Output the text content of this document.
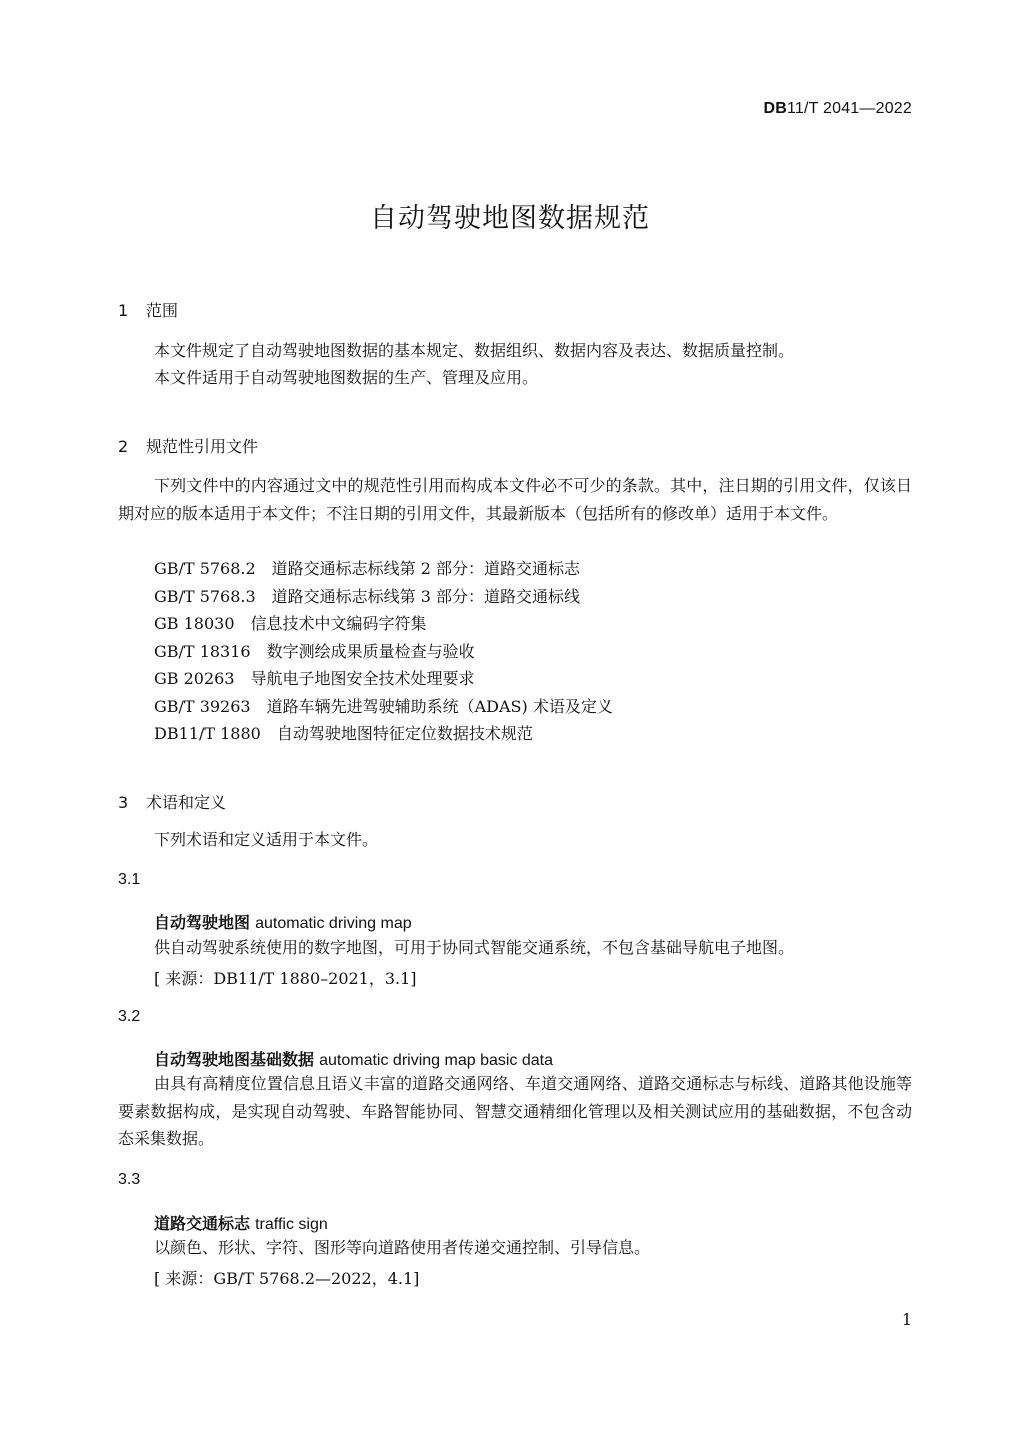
DB11/T 2041—2022
自动驾驶地图数据规范
1 范围
本文件规定了自动驾驶地图数据的基本规定、数据组织、数据内容及表达、数据质量控制。
本文件适用于自动驾驶地图数据的生产、管理及应用。
2 规范性引用文件
下列文件中的内容通过文中的规范性引用而构成本文件必不可少的条款。其中，注日期的引用文件，仅该日期对应的版本适用于本文件；不注日期的引用文件，其最新版本（包括所有的修改单）适用于本文件。
GB/T 5768.2 道路交通标志标线第 2 部分：道路交通标志
GB/T 5768.3 道路交通标志标线第 3 部分：道路交通标线
GB 18030 信息技术中文编码字符集
GB/T 18316 数字测绘成果质量检查与验收
GB 20263 导航电子地图安全技术处理要求
GB/T 39263 道路车辆先进驾驶辅助系统（ADAS) 术语及定义
DB11/T 1880 自动驾驶地图特征定位数据技术规范
3 术语和定义
下列术语和定义适用于本文件。
3.1
自动驾驶地图 automatic driving map
供自动驾驶系统使用的数字地图，可用于协同式智能交通系统，不包含基础导航电子地图。
[ 来源：DB11/T 1880–2021，3.1]
3.2
自动驾驶地图基础数据 automatic driving map basic data
由具有高精度位置信息且语义丰富的道路交通网络、车道交通网络、道路交通标志与标线、道路其他设施等要素数据构成，是实现自动驾驶、车路智能协同、智慧交通精细化管理以及相关测试应用的基础数据，不包含动态采集数据。
3.3
道路交通标志 traffic sign
以颜色、形状、字符、图形等向道路使用者传递交通控制、引导信息。
[ 来源：GB/T 5768.2—2022，4.1]
1
